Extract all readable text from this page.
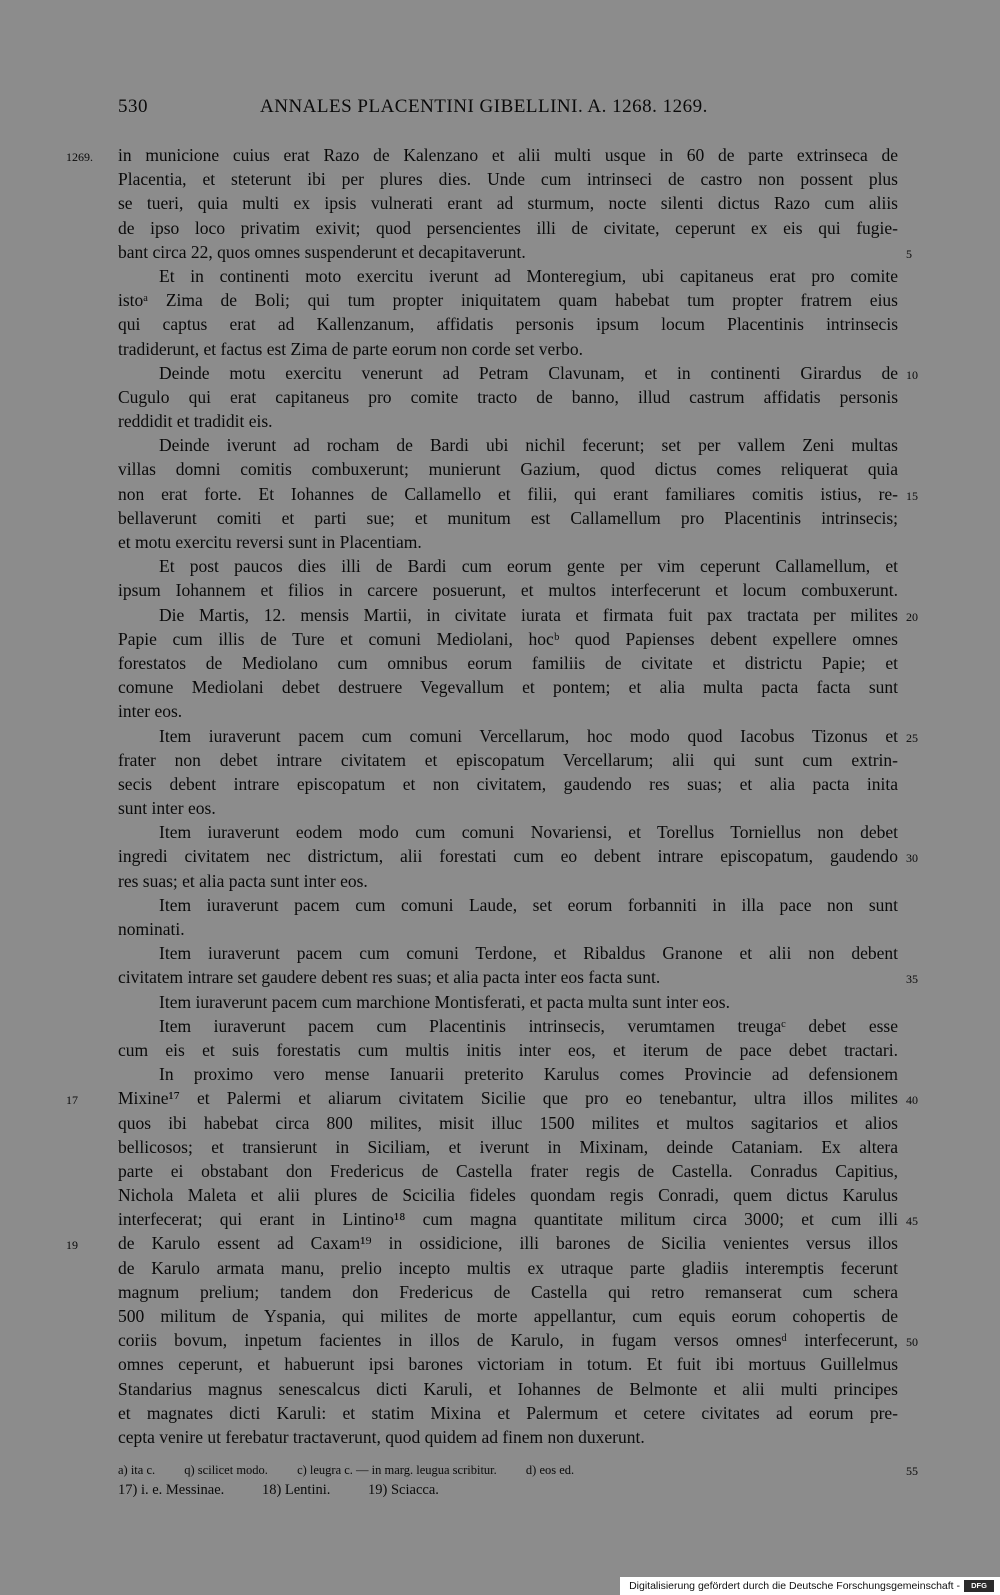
530	ANNALES PLACENTINI GIBELLINI. A. 1268. 1269.
1269. in municione cuius erat Razo de Kalenzano et alii multi usque in 60 de parte extrinseca de
Placentia, et steterunt ibi per plures dies. Unde cum intrinseci de castro non possent plus
se tueri, quia multi ex ipsis vulnerati erant ad sturmum, nocte silenti dictus Razo cum aliis
de ipso loco privatim exivit; quod persencientes illi de civitate, ceperunt ex eis qui fugie-
bant circa 22, quos omnes suspenderunt et decapitaverunt.	5
Et in continenti moto exercitu iverunt ad Monteregium, ubi capitaneus erat pro comite
istoᵃ Zima de Boli; qui tum propter iniquitatem quam habebat tum propter fratrem eius
qui captus erat ad Kallenzanum, affidatis personis ipsum locum Placentinis intrinsecis
tradiderunt, et factus est Zima de parte eorum non corde set verbo.
Deinde motu exercitu venerunt ad Petram Clavunam, et in continenti Girardus de 10
Cugulo qui erat capitaneus pro comite tracto de banno, illud castrum affidatis personis
reddidit et tradidit eis.
Deinde iverunt ad rocham de Bardi ubi nichil fecerunt; set per vallem Zeni multas
villas domni comitis combuxerunt; munierunt Gazium, quod dictus comes reliquerat quia
non erat forte. Et Iohannes de Callamello et filii, qui erant familiares comitis istius, re- 15
bellaverunt comiti et parti sue; et munitum est Callamellum pro Placentinis intrinsecis;
et motu exercitu reversi sunt in Placentiam.
Et post paucos dies illi de Bardi cum eorum gente per vim ceperunt Callamellum, et
ipsum Iohannem et filios in carcere posuerunt, et multos interfecerunt et locum combuxerunt.
Die Martis, 12. mensis Martii, in civitate iurata et firmata fuit pax tractata per milites 20
Papie cum illis de Ture et comuni Mediolani, hocᵇ quod Papienses debent expellere omnes
forestatos de Mediolano cum omnibus eorum familiis de civitate et districtu Papie; et
comune Mediolani debet destruere Vegevallum et pontem; et alia multa pacta facta sunt
inter eos.
Item iuraverunt pacem cum comuni Vercellarum, hoc modo quod Iacobus Tizonus et 25
frater non debet intrare civitatem et episcopatum Vercellarum; alii qui sunt cum extrin-
secis debent intrare episcopatum et non civitatem, gaudendo res suas; et alia pacta inita
sunt inter eos.
Item iuraverunt eodem modo cum comuni Novariensi, et Torellus Torniellus non debet
ingredi civitatem nec districtum, alii forestati cum eo debent intrare episcopatum, gaudendo 30
res suas; et alia pacta sunt inter eos.
Item iuraverunt pacem cum comuni Laude, set eorum forbanniti in illa pace non sunt
nominati.
Item iuraverunt pacem cum comuni Terdone, et Ribaldus Granone et alii non debent
civitatem intrare set gaudere debent res suas; et alia pacta inter eos facta sunt.	35
Item iuraverunt pacem cum marchione Montisferati, et pacta multa sunt inter eos.
Item iuraverunt pacem cum Placentinis intrinsecis, verumtamen treugaᶜ debet esse
cum eis et suis forestatis cum multis initis inter eos, et iterum de pace debet tractari.
In proximo vero mense Ianuarii preterito Karulus comes Provincie ad defensionem
17 Mixine¹⁷ et Palermi et aliarum civitatem Sicilie que pro eo tenebantur, ultra illos milites 40
quos ibi habebat circa 800 milites, misit illuc 1500 milites et multos sagitarios et alios
bellicosos; et transierunt in Siciliam, et iverunt in Mixinam, deinde Cataniam. Ex altera
parte ei obstabant don Fredericus de Castella frater regis de Castella. Conradus Capitius,
Nichola Maleta et alii plures de Scicilia fideles quondam regis Conradi, quem dictus Karulus
interfecerat; qui erant in Lintino¹⁸ cum magna quantitate militum circa 3000; et cum illi 45
19 de Karulo essent ad Caxam¹⁹ in ossidicione, illi barones de Sicilia venientes versus illos
de Karulo armata manu, prelio incepto multis ex utraque parte gladiis interemptis fecerunt
magnum prelium; tandem don Fredericus de Castella qui retro remanserat cum schera
500 militum de Yspania, qui milites de morte appellantur, cum equis eorum cohopertis de
coriis bovum, inpetum facientes in illos de Karulo, in fugam versos omnesᵈ interfecerunt, 50
omnes ceperunt, et habuerunt ipsi barones victoriam in totum. Et fuit ibi mortuus Guillelmus
Standarius magnus senescalcus dicti Karuli, et Iohannes de Belmonte et alii multi principes
et magnates dicti Karuli: et statim Mixina et Palermum et cetere civitates ad eorum pre-
cepta venire ut ferebatur tractaverunt, quod quidem ad finem non duxerunt.
a) ita c. q) scilicet modo. c) leugra c. — in marg. leugua scribitur. d) eos ed.	55
17) i. e. Messinae.	18) Lentini.	19) Sciacca.
Digitalisierung gefördert durch die Deutsche Forschungsgemeinschaft -	DFG
